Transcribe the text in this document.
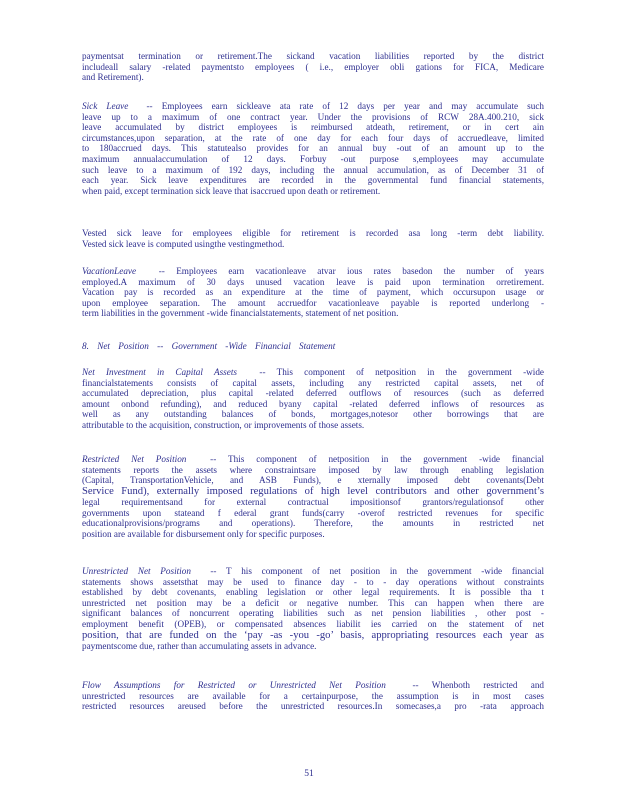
paymentsat termination or retirement.The sickand vacation liabilities reported by the district
includeall salary -related paymentsto employees ( i.e., employer obli gations for FICA, Medicare
and Retirement).
Sick Leave -- Employees earn sickleave ata rate of 12 days per year and may accumulate such
leave up to a maximum of one contract year. Under the provisions of RCW 28A.400.210, sick
leave accumulated by district employees is reimbursed atdeath, retirement, or in cert ain
circumstances,upon separation, at the rate of one day for each four days of accruedleave, limited
to 180accrued days. This statutealso provides for an annual buy -out of an amount up to the
maximum annualaccumulation of 12 days. Forbuy -out purpose s,employees may accumulate
such leave to a maximum of 192 days, including the annual accumulation, as of December 31 of
each year. Sick leave expenditures are recorded in the governmental fund financial statements,
when paid, except termination sick leave that isaccrued upon death or retirement.
Vested sick leave for employees eligible for retirement is recorded asa long -term debt liability.
Vested sick leave is computed usingthe vestingmethod.
VacationLeave -- Employees earn vacationleave atvar ious rates basedon the number of years
employed.A maximum of 30 days unused vacation leave is paid upon termination orretirement.
Vacation pay is recorded as an expenditure at the time of payment, which occursupon usage or
upon employee separation. The amount accruedfor vacationleave payable is reported underlong -
term liabilities in the government -wide financialstatements, statement of net position.
8. Net Position -- Government -Wide Financial Statement
Net Investment in Capital Assets -- This component of netposition in the government -wide
financialstatements consists of capital assets, including any restricted capital assets, net of
accumulated depreciation, plus capital -related deferred outflows of resources (such as deferred
amount onbond refunding), and reduced byany capital -related deferred inflows of resources as
well as any outstanding balances of bonds, mortgages,notesor other borrowings that are
attributable to the acquisition, construction, or improvements of those assets.
Restricted Net Position	-- This component of netposition in the government -wide financial
statements reports the assets where constraintsare imposed by law through enabling legislation
(Capital, TransportationVehicle, and ASB Funds), e xternally imposed debt covenants(Debt
Service Fund), externally imposed regulations of high level contributors and other government’s
legal requirementsand for external contractual impositionsof grantors/regulationsof other
governments upon stateand f ederal grant funds(carry -overof restricted revenues for specific
educationalprovisions/programs and operations). Therefore, the amounts in restricted net
position are available for disbursement only for specific purposes.
Unrestricted Net Position -- T his component of net position in the government -wide financial
statements shows assetsthat may be used to finance day - to - day operations without constraints
established by debt covenants, enabling legislation or other legal requirements. It is possible tha t
unrestricted net position may be a deficit or negative number. This can happen when there are
significant balances of noncurrent operating liabilities such as net pension liabilities , other post -
employment benefit (OPEB), or compensated absences liabilit ies carried on the statement of net
position, that are funded on the ‘pay -as -you -go’ basis, appropriating resources each year as
paymentscome due, rather than accumulating assets in advance.
Flow Assumptions for Restricted or Unrestricted Net Position	-- Whenboth restricted and
unrestricted resources are available for a certainpurpose, the assumption is in most cases
restricted resources areused before the unrestricted resources.In somecases,a pro -rata approach
51
